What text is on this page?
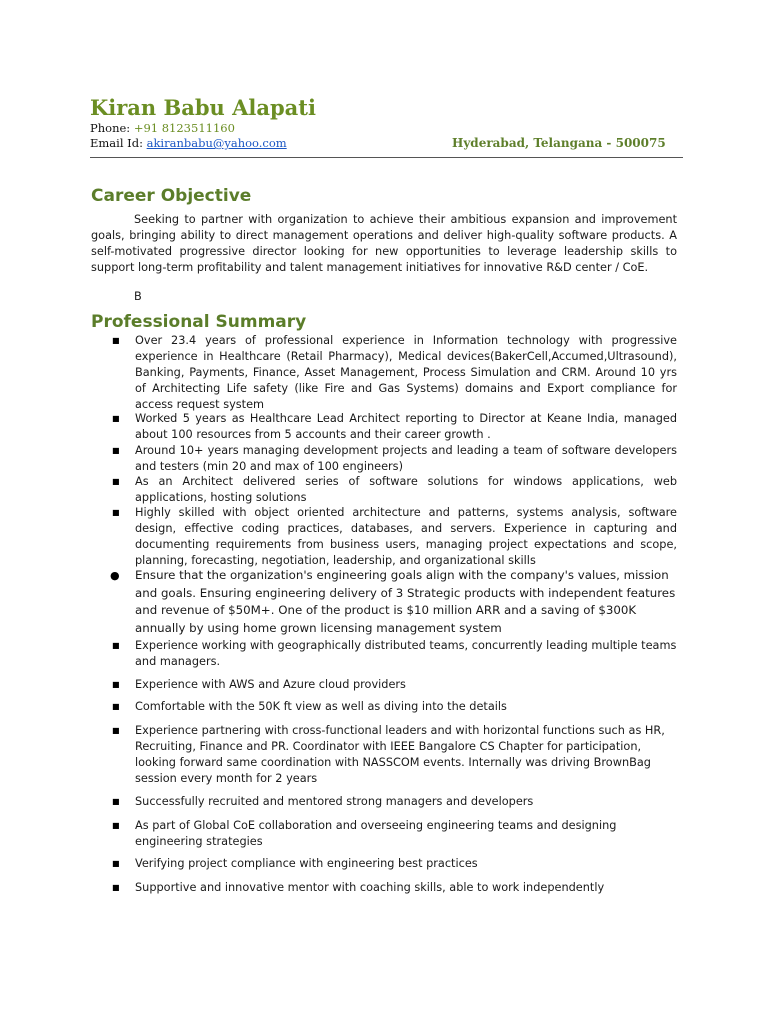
Kiran Babu Alapati
Phone: +91 8123511160
Email Id: akiranbabu@yahoo.com	Hyderabad, Telangana - 500075
Career Objective

Seeking to partner with organization to achieve their ambitious expansion and improvement goals, bringing ability to direct management operations and deliver high-quality software products. A self-motivated progressive director looking for new opportunities to leverage leadership skills to support long-term profitability and talent management initiatives for innovative R&D center / CoE.

B
Professional Summary
■ Over 23.4 years of professional experience in Information technology with progressive experience in Healthcare (Retail Pharmacy), Medical devices(BakerCell,Accumed,Ultrasound), Banking, Payments, Finance, Asset Management, Process Simulation and CRM. Around 10 yrs of Architecting Life safety (like Fire and Gas Systems) domains and Export compliance for access request system

■ Worked 5 years as Healthcare Lead Architect reporting to Director at Keane India, managed about 100 resources from 5 accounts and their career growth .

■ Around 10+ years managing development projects and leading a team of software developers and testers (min 20 and max of 100 engineers)

■ As an Architect delivered series of software solutions for windows applications, web applications, hosting solutions

■ Highly skilled with object oriented architecture and patterns, systems analysis, software design, effective coding practices, databases, and servers. Experience in capturing and documenting requirements from business users, managing project expectations and scope, planning, forecasting, negotiation, leadership, and organizational skills

● Ensure that the organization's engineering goals align with the company's values, mission and goals. Ensuring engineering delivery of 3 Strategic products with independent features and revenue of $50M+. One of the product is $10 million ARR and a saving of $300K annually by using home grown licensing management system

■ Experience working with geographically distributed teams, concurrently leading multiple teams and managers.

■ Experience with AWS and Azure cloud providers

■ Comfortable with the 50K ft view as well as diving into the details

■ Experience partnering with cross-functional leaders and with horizontal functions such as HR, Recruiting, Finance and PR. Coordinator with IEEE Bangalore CS Chapter for participation, looking forward same coordination with NASSCOM events. Internally was driving BrownBag session every month for 2 years

■ Successfully recruited and mentored strong managers and developers

■ As part of Global CoE collaboration and overseeing engineering teams and designing engineering strategies

■ Verifying project compliance with engineering best practices

■ Supportive and innovative mentor with coaching skills, able to work independently
